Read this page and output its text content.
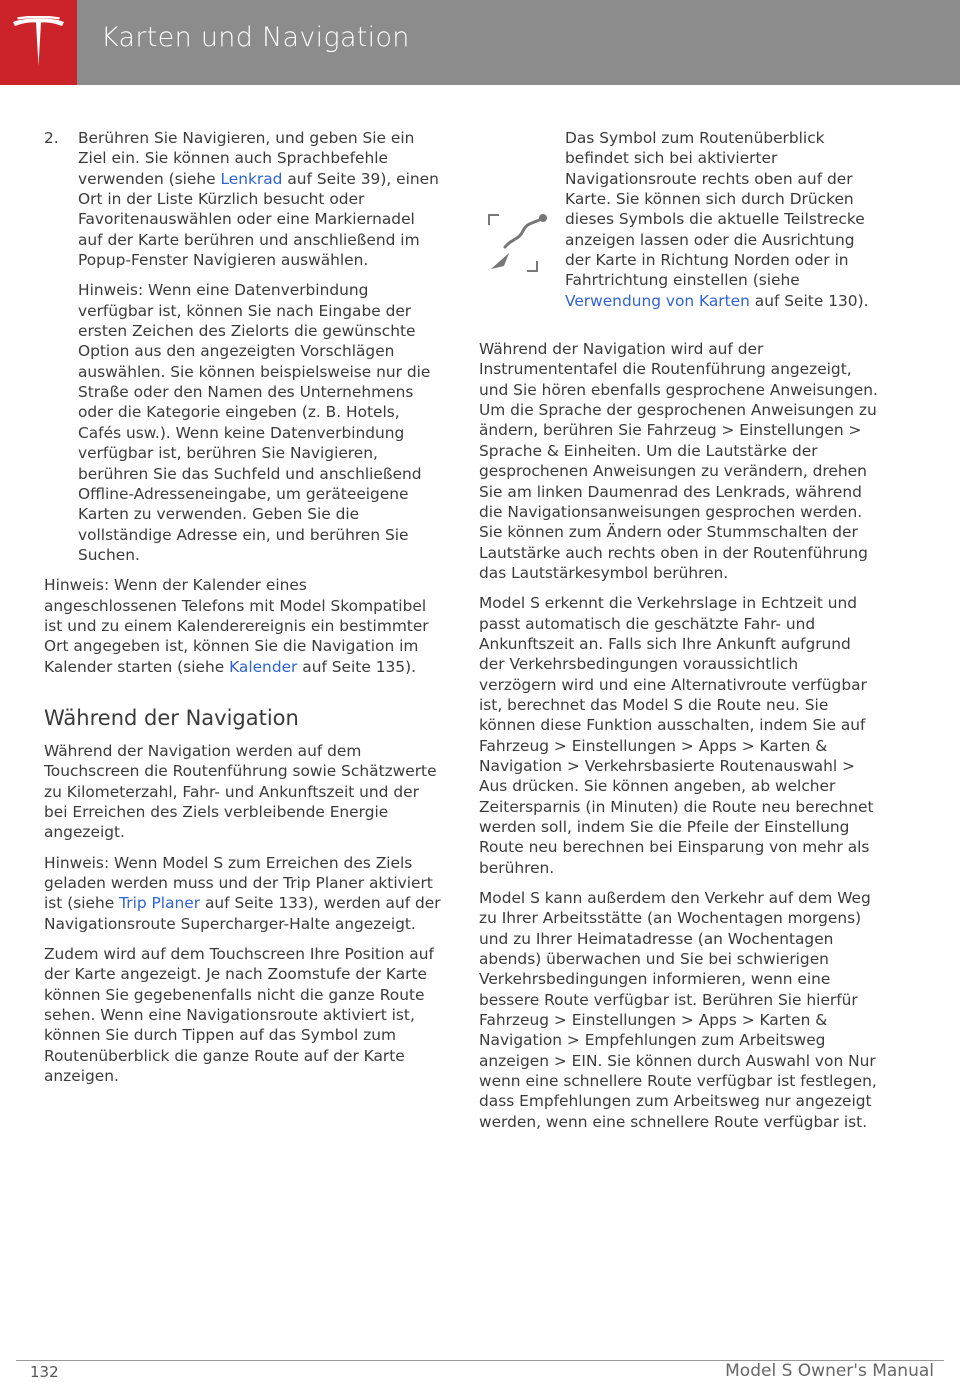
Karten und Navigation
2.	Berühren Sie Navigieren, und geben Sie ein Ziel ein. Sie können auch Sprachbefehle verwenden (siehe Lenkrad auf Seite 39), einen Ort in der Liste Kürzlich besucht oder Favoritenauswählen oder eine Markiernadel auf der Karte berühren und anschließend im Popup-Fenster Navigieren auswählen.

Hinweis: Wenn eine Datenverbindung verfügbar ist, können Sie nach Eingabe der ersten Zeichen des Zielorts die gewünschte Option aus den angezeigten Vorschlägen auswählen. Sie können beispielsweise nur die Straße oder den Namen des Unternehmens oder die Kategorie eingeben (z. B. Hotels, Cafés usw.). Wenn keine Datenverbindung verfügbar ist, berühren Sie Navigieren, berühren Sie das Suchfeld und anschließend Offline-Adresseneingabe, um geräteeigene Karten zu verwenden. Geben Sie die vollständige Adresse ein, und berühren Sie Suchen.

Hinweis: Wenn der Kalender eines angeschlossenen Telefons mit Model Skompatibel ist und zu einem Kalenderereignis ein bestimmter Ort angegeben ist, können Sie die Navigation im Kalender starten (siehe Kalender auf Seite 135).

Während der Navigation

Während der Navigation werden auf dem Touchscreen die Routenführung sowie Schätzwerte zu Kilometerzahl, Fahr- und Ankunftszeit und der bei Erreichen des Ziels verbleibende Energie angezeigt.

Hinweis: Wenn Model S zum Erreichen des Ziels geladen werden muss und der Trip Planer aktiviert ist (siehe Trip Planer auf Seite 133), werden auf der Navigationsroute Supercharger-Halte angezeigt.

Zudem wird auf dem Touchscreen Ihre Position auf der Karte angezeigt. Je nach Zoomstufe der Karte können Sie gegebenenfalls nicht die ganze Route sehen. Wenn eine Navigationsroute aktiviert ist, können Sie durch Tippen auf das Symbol zum Routenüberblick die ganze Route auf der Karte anzeigen.

Das Symbol zum Routenüberblick befindet sich bei aktivierter Navigationsroute rechts oben auf der Karte. Sie können sich durch Drücken dieses Symbols die aktuelle Teilstrecke anzeigen lassen oder die Ausrichtung der Karte in Richtung Norden oder in Fahrtrichtung einstellen (siehe Verwendung von Karten auf Seite 130).

Während der Navigation wird auf der Instrumententafel die Routenführung angezeigt, und Sie hören ebenfalls gesprochene Anweisungen. Um die Sprache der gesprochenen Anweisungen zu ändern, berühren Sie Fahrzeug > Einstellungen > Sprache & Einheiten. Um die Lautstärke der gesprochenen Anweisungen zu verändern, drehen Sie am linken Daumenrad des Lenkrads, während die Navigationsanweisungen gesprochen werden. Sie können zum Ändern oder Stummschalten der Lautstärke auch rechts oben in der Routenführung das Lautstärkesymbol berühren.

Model S erkennt die Verkehrslage in Echtzeit und passt automatisch die geschätzte Fahr- und Ankunftszeit an. Falls sich Ihre Ankunft aufgrund der Verkehrsbedingungen voraussichtlich verzögern wird und eine Alternativroute verfügbar ist, berechnet das Model S die Route neu. Sie können diese Funktion ausschalten, indem Sie auf Fahrzeug > Einstellungen > Apps > Karten & Navigation > Verkehrsbasierte Routenauswahl > Aus drücken. Sie können angeben, ab welcher Zeitersparnis (in Minuten) die Route neu berechnet werden soll, indem Sie die Pfeile der Einstellung Route neu berechnen bei Einsparung von mehr als berühren.

Model S kann außerdem den Verkehr auf dem Weg zu Ihrer Arbeitsstätte (an Wochentagen morgens) und zu Ihrer Heimatadresse (an Wochentagen abends) überwachen und Sie bei schwierigen Verkehrsbedingungen informieren, wenn eine bessere Route verfügbar ist. Berühren Sie hierfür Fahrzeug > Einstellungen > Apps > Karten & Navigation > Empfehlungen zum Arbeitsweg anzeigen > EIN. Sie können durch Auswahl von Nur wenn eine schnellere Route verfügbar ist festlegen, dass Empfehlungen zum Arbeitsweg nur angezeigt werden, wenn eine schnellere Route verfügbar ist.

132	Model S Owner's Manual
